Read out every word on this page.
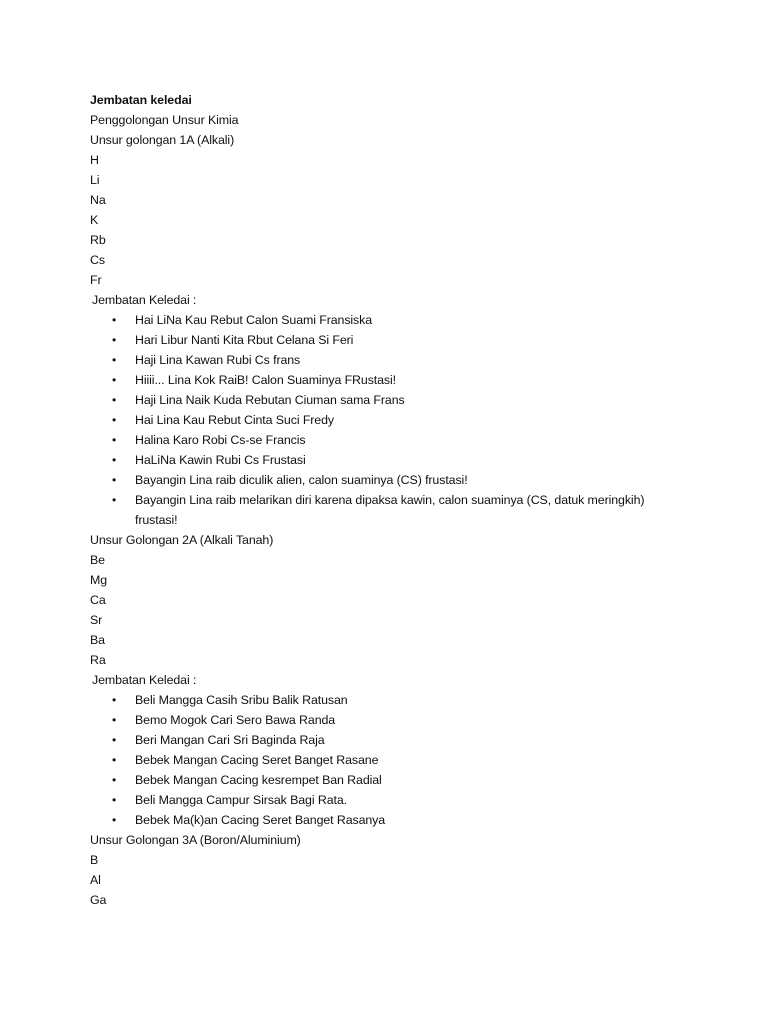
Jembatan keledai
Penggolongan Unsur Kimia
Unsur golongan 1A (Alkali)
H
Li
Na
K
Rb
Cs
Fr
Jembatan Keledai :
• Hai LiNa Kau Rebut Calon Suami Fransiska
• Hari Libur Nanti Kita Rbut Celana Si Feri
• Haji Lina Kawan Rubi Cs frans
• Hiiii... Lina Kok RaiB! Calon Suaminya FRustasi!
• Haji Lina Naik Kuda Rebutan Ciuman sama Frans
• Hai Lina Kau Rebut Cinta Suci Fredy
• Halina Karo Robi Cs-se Francis
• HaLiNa Kawin Rubi Cs Frustasi
• Bayangin Lina raib diculik alien, calon suaminya (CS) frustasi!
• Bayangin Lina raib melarikan diri karena dipaksa kawin, calon suaminya (CS, datuk meringkih) frustasi!
Unsur Golongan 2A (Alkali Tanah)
Be
Mg
Ca
Sr
Ba
Ra
Jembatan Keledai :
• Beli Mangga Casih Sribu Balik Ratusan
• Bemo Mogok Cari Sero Bawa Randa
• Beri Mangan Cari Sri Baginda Raja
• Bebek Mangan Cacing Seret Banget Rasane
• Bebek Mangan Cacing kesrempet Ban Radial
• Beli Mangga Campur Sirsak Bagi Rata.
• Bebek Ma(k)an Cacing Seret Banget Rasanya
Unsur Golongan 3A (Boron/Aluminium)
B
Al
Ga
